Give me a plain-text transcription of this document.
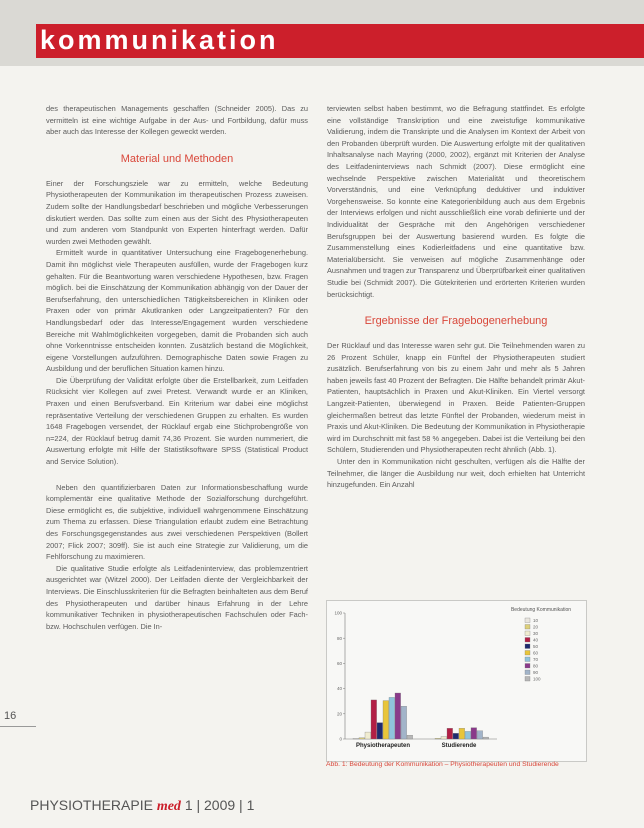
kommunikation

des therapeutischen Managements geschaffen (Schneider 2005). Das zu vermitteln ist eine wichtige Aufgabe in der Aus- und Fortbildung, dafür muss aber auch das Interesse der Kollegen geweckt werden.

Material und Methoden

Einer der Forschungsziele war zu ermitteln, welche Bedeutung Physiotherapeuten der Kommunikation im therapeutischen Prozess zuweisen. Zudem sollte der Handlungsbedarf beschrieben und mögliche Verbesserungen diskutiert werden. Das sollte zum einen aus der Sicht des Physiotherapeuten und zum anderen vom Standpunkt von Experten hinterfragt werden. Dafür wurden zwei Methoden gewählt.

Ermittelt wurde in quantitativer Untersuchung eine Fragebogenerhebung. Damit ihn möglichst viele Therapeuten ausfüllen, wurde der Fragebogen kurz gehalten. Für die Beantwortung waren verschiedene Hypothesen, bzw. Fragen möglich. bei die Einschätzung der Kommunikation abhängig von der Dauer der Berufserfahrung, den unterschiedlichen Tätigkeitsbereichen in Kliniken oder Praxen oder von primär Akutkranken oder Langzeitpatienten? Für den Handlungsbedarf oder das Interesse/Engagement wurden verschiedene Bereiche mit Wahlmöglichkeiten vorgegeben, damit die Probanden sich auch ohne Vorkenntnisse entscheiden konnten. Zusätzlich bestand die Möglichkeit, eigene Vorstellungen aufzuführen. Demographische Daten sowie Fragen zu Ausbildung und der beruflichen Situation kamen hinzu.

Die Überprüfung der Validität erfolgte über die Erstellbarkeit, zum Leitfaden Rücksicht vier Kollegen auf zwei Pretest. Verwandt wurde er an Kliniken, Praxen und einen Berufsverband. Ein Kriterium war dabei eine möglichst repräsentative Verteilung der verschiedenen Gruppen zu erhalten. Es wurden 1648 Fragebogen versendet, der Rücklauf ergab eine Stichprobengröße von n=224, der Rücklauf betrug damit 74,36 Prozent. Sie wurden nummeriert, die Auswertung erfolgte mit Hilfe der Statistiksoftware SPSS (Statistical Product and Service Solution).

Neben den quantifizierbaren Daten zur Informationsbeschaffung wurde komplementär eine qualitative Methode der Sozialforschung durchgeführt. Diese ermöglicht es, die subjektive, individuell wahrgenommene Einschätzung zum Thema zu erfassen. Diese Triangulation erlaubt zudem eine Betrachtung des Forschungsgegenstandes aus zwei verschiedenen Perspektiven (Bollert 2007; Flick 2007; 309ff). Sie ist auch eine Strategie zur Validierung, um die Fehlforschung zu maximieren.

Die qualitative Studie erfolgte als Leitfadeninterview, das problemzentriert ausgerichtet war (Witzel 2000). Der Leitfaden diente der Vergleichbarkeit der Interviews. Die Einschlusskriterien für die Befragten beinhalteten aus dem Beruf des Physiotherapeuten und darüber hinaus Erfahrung in der Lehre kommunikativer Techniken in physiotherapeutischen Fachschulen oder Fach- bzw. Hochschulen verfügen. Die In-

terviewten selbst haben bestimmt, wo die Befragung stattfindet. Es erfolgte eine vollständige Transkription und eine zweistufige kommunikative Validierung, indem die Transkripte und die Analysen im Kontext der Arbeit von den Probanden überprüft wurden. Die Auswertung erfolgte mit der qualitativen Inhaltsanalyse nach Mayring (2000, 2002), ergänzt mit Kriterien der Analyse des Leitfadeninterviews nach Schmidt (2007). Diese ermöglicht eine wechselnde Perspektive zwischen Materialität und theoretischem Vorverständnis, und eine Verknüpfung deduktiver und induktiver Vorgehensweise. So konnte eine Kategorienbildung auch aus dem Ergebnis der Interviews erfolgen und nicht ausschließlich eine vorab definierte und der Individualität der Gespräche mit den Angehörigen verschiedener Berufsgruppen bei der Auswertung basierend wurden. Es folgte die Zusammenstellung eines Kodierleitfadens und eine quantitative bzw. Materialübersicht. Sie verweisen auf mögliche Zusammenhänge oder Ausnahmen und tragen zur Transparenz und Überprüfbarkeit einer qualitativen Studie bei (Schmidt 2007). Die Gütekriterien und erörterten Kriterien wurden berücksichtigt.

Ergebnisse der Fragebogenerhebung

Der Rücklauf und das Interesse waren sehr gut. Die Teilnehmenden waren zu 26 Prozent Schüler, knapp ein Fünftel der Physiotherapeuten studiert zusätzlich. Berufserfahrung von bis zu einem Jahr und mehr als 5 Jahren haben jeweils fast 40 Prozent der Befragten. Die Hälfte behandelt primär Akut-Patienten, hauptsächlich in Praxen und Akut-Kliniken. Ein Viertel versorgt Langzeit-Patienten, überwiegend in Praxen. Beide Patienten-Gruppen gleichermaßen betreut das letzte Fünftel der Probanden, wiederum meist in Praxis und Akut-Kliniken. Die Bedeutung der Kommunikation in Physiotherapie wird im Durchschnitt mit fast 58 % angegeben. Dabei ist die Verteilung bei den Schülern, Studierenden und Physiotherapeuten recht ähnlich (Abb. 1).

Unter den in Kommunikation nicht geschulten, verfügen als die Hälfte der Teilnehmer, die länger die Ausbildung nur weit, doch erhielten hat Unterricht hinzugefunden. Ein Anzahl

100
80
60
40
20
0
Physiotherapeuten	Studierende
Bedeutung Kommunikation
10
20
30
40
50
60
70
80
90
100
Abb. 1: Bedeutung der Kommunikation – Physiotherapeuten und Studierende
16
PHYSIOTHERAPIE med 1 | 2009 | 1
